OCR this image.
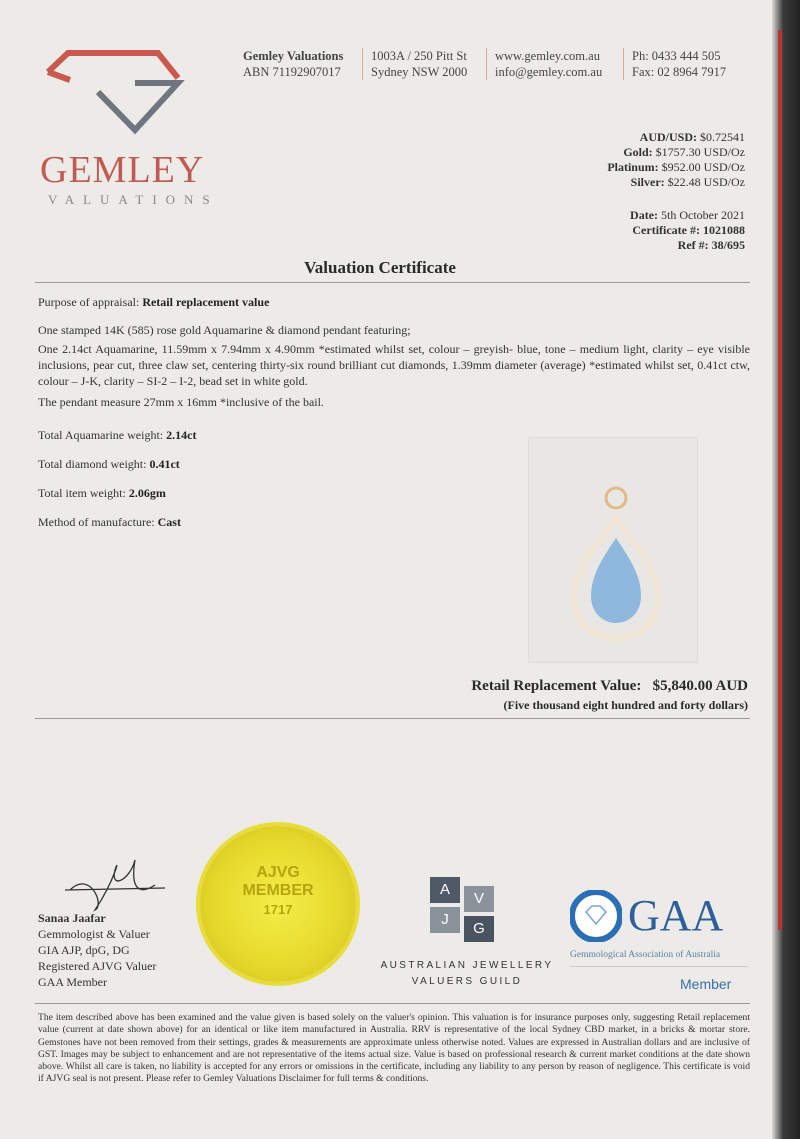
GEMLEY
VALUATIONS
Gemley Valuations
ABN 71192907017
1003A / 250 Pitt St
Sydney NSW 2000
www.gemley.com.au
info@gemley.com.au
Ph: 0433 444 505
Fax: 02 8964 7917
AUD/USD: $0.72541
Gold: $1757.30 USD/Oz
Platinum: $952.00 USD/Oz
Silver: $22.48 USD/Oz
Date: 5th October 2021
Certificate #: 1021088
Ref #: 38/695
Valuation Certificate
Purpose of appraisal: Retail replacement value
One stamped 14K (585) rose gold Aquamarine & diamond pendant featuring;
One 2.14ct Aquamarine, 11.59mm x 7.94mm x 4.90mm *estimated whilst set, colour – greyish- blue, tone – medium light, clarity – eye visible inclusions, pear cut, three claw set, centering thirty-six round brilliant cut diamonds, 1.39mm diameter (average) *estimated whilst set, 0.41ct ctw, colour – J-K, clarity – SI-2 – I-2, bead set in white gold.
The pendant measure 27mm x 16mm *inclusive of the bail.
Total Aquamarine weight: 2.14ct
Total diamond weight: 0.41ct
Total item weight: 2.06gm
Method of manufacture: Cast
Retail Replacement Value: $5,840.00 AUD
(Five thousand eight hundred and forty dollars)
Sanaa Jaafar
Gemmologist & Valuer
GIA AJP, dpG, DG
Registered AJVG Valuer
GAA Member
AJVG
MEMBER
1717
A
V
J
G
AUSTRALIAN JEWELLERY
VALUERS GUILD
GAA
Gemmological Association of Australia
Member
The item described above has been examined and the value given is based solely on the valuer's opinion. This valuation is for insurance purposes only, suggesting Retail replacement value (current at date shown above) for an identical or like item manufactured in Australia. RRV is representative of the local Sydney CBD market, in a bricks & mortar store. Gemstones have not been removed from their settings, grades & measurements are approximate unless otherwise noted. Values are expressed in Australian dollars and are inclusive of GST. Images may be subject to enhancement and are not representative of the items actual size. Value is based on professional research & current market conditions at the date shown above. Whilst all care is taken, no liability is accepted for any errors or omissions in the certificate, including any liability to any person by reason of negligence. This certificate is void if AJVG seal is not present. Please refer to Gemley Valuations Disclaimer for full terms & conditions.
